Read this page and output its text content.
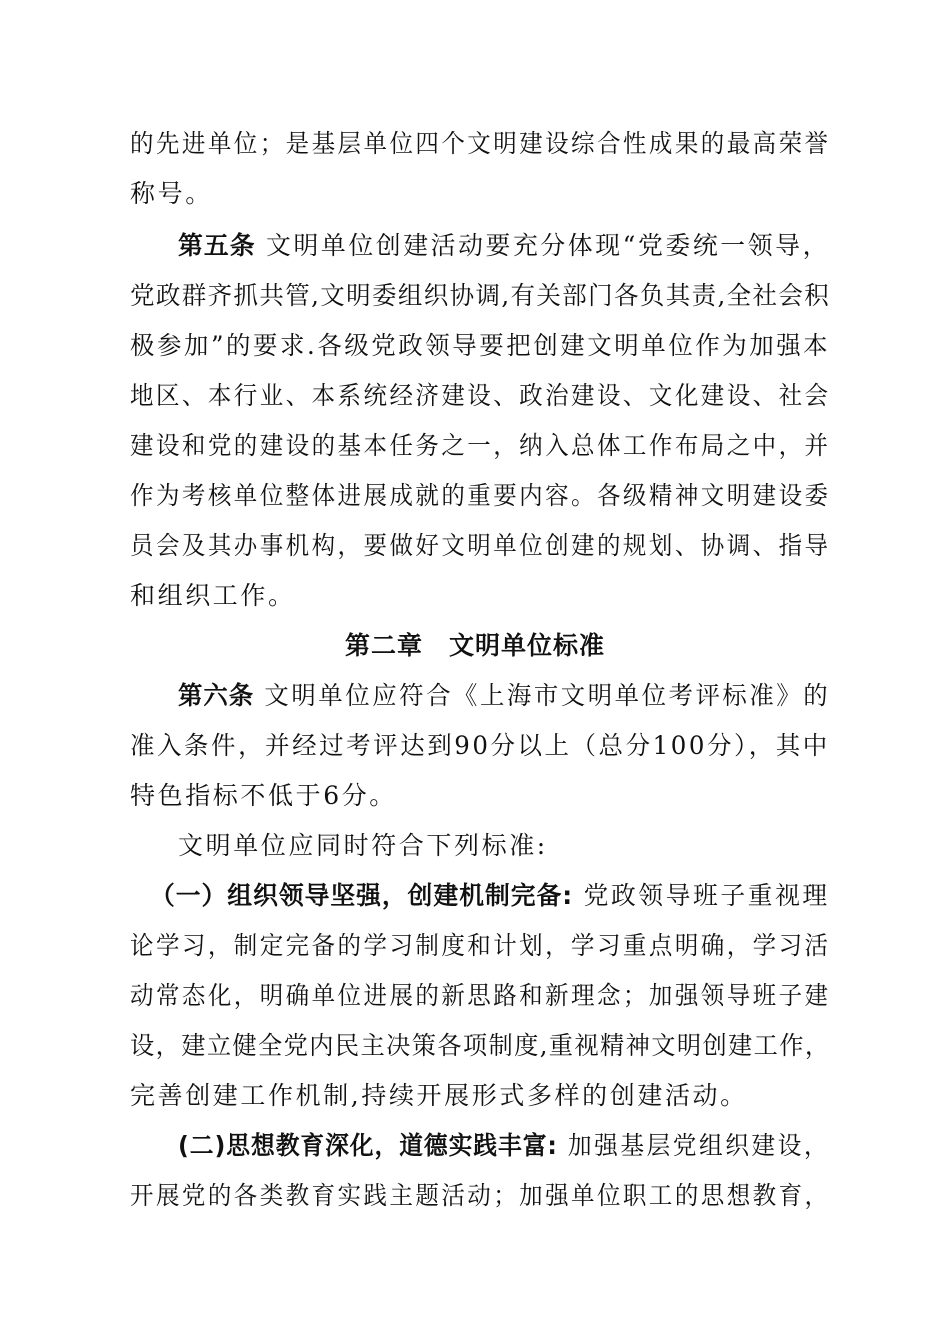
的先进单位；是基层单位四个文明建设综合性成果的最高荣誉
称号。
第五条 文明单位创建活动要充分体现“党委统一领导，
党政群齐抓共管,文明委组织协调,有关部门各负其责,全社会积
极参加”的要求.各级党政领导要把创建文明单位作为加强本
地区、本行业、本系统经济建设、政治建设、文化建设、社会
建设和党的建设的基本任务之一，纳入总体工作布局之中，并
作为考核单位整体进展成就的重要内容。各级精神文明建设委
员会及其办事机构，要做好文明单位创建的规划、协调、指导
和组织工作。
第二章　文明单位标准
第六条 文明单位应符合《上海市文明单位考评标准》的
准入条件，并经过考评达到90分以上（总分100分），其中
特色指标不低于6分。
文明单位应同时符合下列标准:
（一）组织领导坚强，创建机制完备: 党政领导班子重视理
论学习，制定完备的学习制度和计划，学习重点明确，学习活
动常态化，明确单位进展的新思路和新理念；加强领导班子建
设，建立健全党内民主决策各项制度,重视精神文明创建工作，
完善创建工作机制,持续开展形式多样的创建活动。
(二)思想教育深化，道德实践丰富: 加强基层党组织建设，
开展党的各类教育实践主题活动；加强单位职工的思想教育，
